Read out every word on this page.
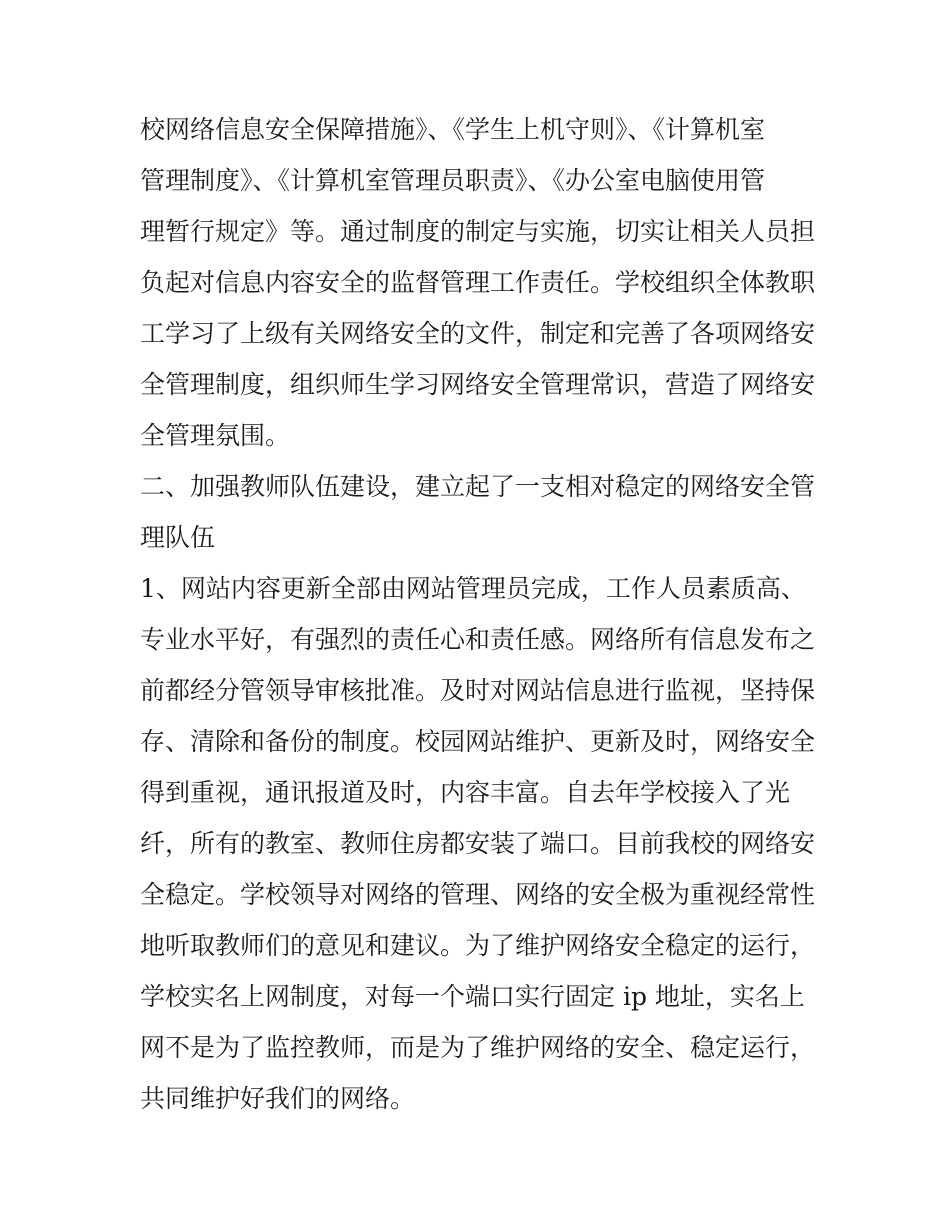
校网络信息安全保障措施》、《学生上机守则》、《计算机室
管理制度》、《计算机室管理员职责》、《办公室电脑使用管
理暂行规定》等。通过制度的制定与实施，切实让相关人员担
负起对信息内容安全的监督管理工作责任。学校组织全体教职
工学习了上级有关网络安全的文件，制定和完善了各项网络安
全管理制度，组织师生学习网络安全管理常识，营造了网络安
全管理氛围。
二、加强教师队伍建设，建立起了一支相对稳定的网络安全管
理队伍
1、网站内容更新全部由网站管理员完成，工作人员素质高、
专业水平好，有强烈的责任心和责任感。网络所有信息发布之
前都经分管领导审核批准。及时对网站信息进行监视，坚持保
存、清除和备份的制度。校园网站维护、更新及时，网络安全
得到重视，通讯报道及时，内容丰富。自去年学校接入了光
纤，所有的教室、教师住房都安装了端口。目前我校的网络安
全稳定。学校领导对网络的管理、网络的安全极为重视经常性
地听取教师们的意见和建议。为了维护网络安全稳定的运行，
学校实名上网制度，对每一个端口实行固定 ip 地址，实名上
网不是为了监控教师，而是为了维护网络的安全、稳定运行，
共同维护好我们的网络。
